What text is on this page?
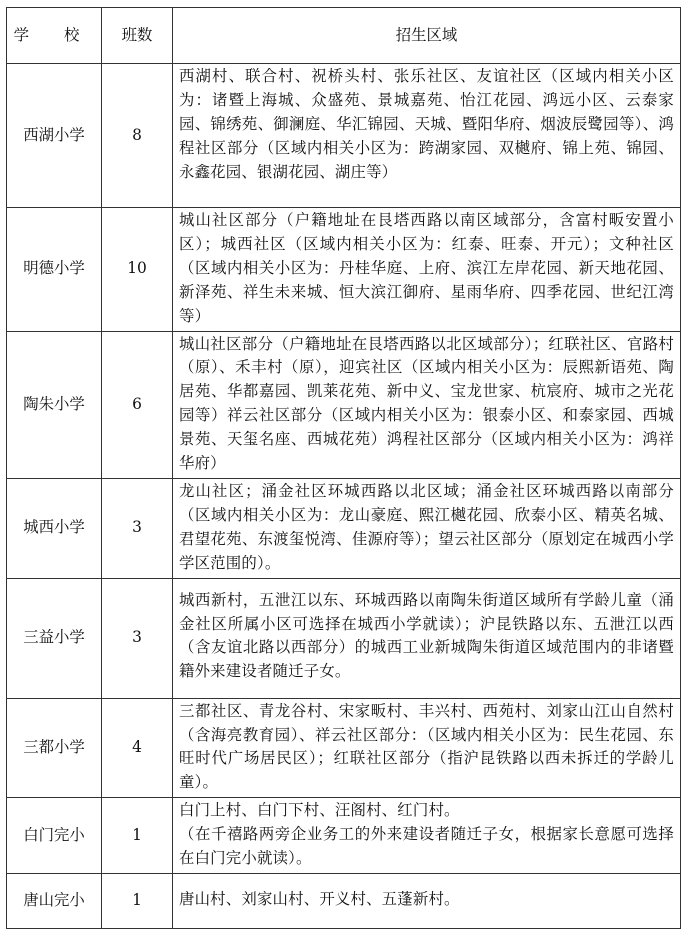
学 校	班数	招生区域
西湖小学	8	西湖村、联合村、祝桥头村、张乐社区、友谊社区（区域内相关小区为：诸暨上海城、众盛苑、景城嘉苑、怡江花园、鸿远小区、云泰家园、锦绣苑、御澜庭、华汇锦园、天城、暨阳华府、烟波辰鹭园等）、鸿程社区部分（区域内相关小区为：跨湖家园、双樾府、锦上苑、锦园、永鑫花园、银湖花园、湖庄等）
明德小学	10	城山社区部分（户籍地址在艮塔西路以南区域部分，含富村畈安置小区）；城西社区（区域内相关小区为：红泰、旺泰、开元）；文种社区（区域内相关小区为：丹桂华庭、上府、滨江左岸花园、新天地花园、新泽苑、祥生未来城、恒大滨江御府、星雨华府、四季花园、世纪江湾等）
陶朱小学	6	城山社区部分（户籍地址在艮塔西路以北区域部分）；红联社区、官路村（原）、禾丰村（原），迎宾社区（区域内相关小区为：辰熙新语苑、陶居苑、华都嘉园、凯莱花苑、新中义、宝龙世家、杭宸府、城市之光花园等）祥云社区部分（区域内相关小区为：银泰小区、和泰家园、西城景苑、天玺名座、西城花苑）鸿程社区部分（区域内相关小区为：鸿祥华府）
城西小学	3	龙山社区；涌金社区环城西路以北区域；涌金社区环城西路以南部分（区域内相关小区为：龙山豪庭、熙江樾花园、欣泰小区、精英名城、君望花苑、东渡玺悦湾、佳源府等）；望云社区部分（原划定在城西小学学区范围的）。
三益小学	3	城西新村，五泄江以东、环城西路以南陶朱街道区域所有学龄儿童（涌金社区所属小区可选择在城西小学就读）；沪昆铁路以东、五泄江以西（含友谊北路以西部分）的城西工业新城陶朱街道区域范围内的非诸暨籍外来建设者随迁子女。
三都小学	4	三都社区、青龙谷村、宋家畈村、丰兴村、西苑村、刘家山江山自然村（含海亮教育园）、祥云社区部分：（区域内相关小区为：民生花园、东旺时代广场居民区）；红联社区部分（指沪昆铁路以西未拆迁的学龄儿童）。
白门完小	1	白门上村、白门下村、汪阁村、红门村。
（在千禧路两旁企业务工的外来建设者随迁子女，根据家长意愿可选择在白门完小就读）。

唐山完小	1	唐山村、刘家山村、开义村、五蓬新村。
